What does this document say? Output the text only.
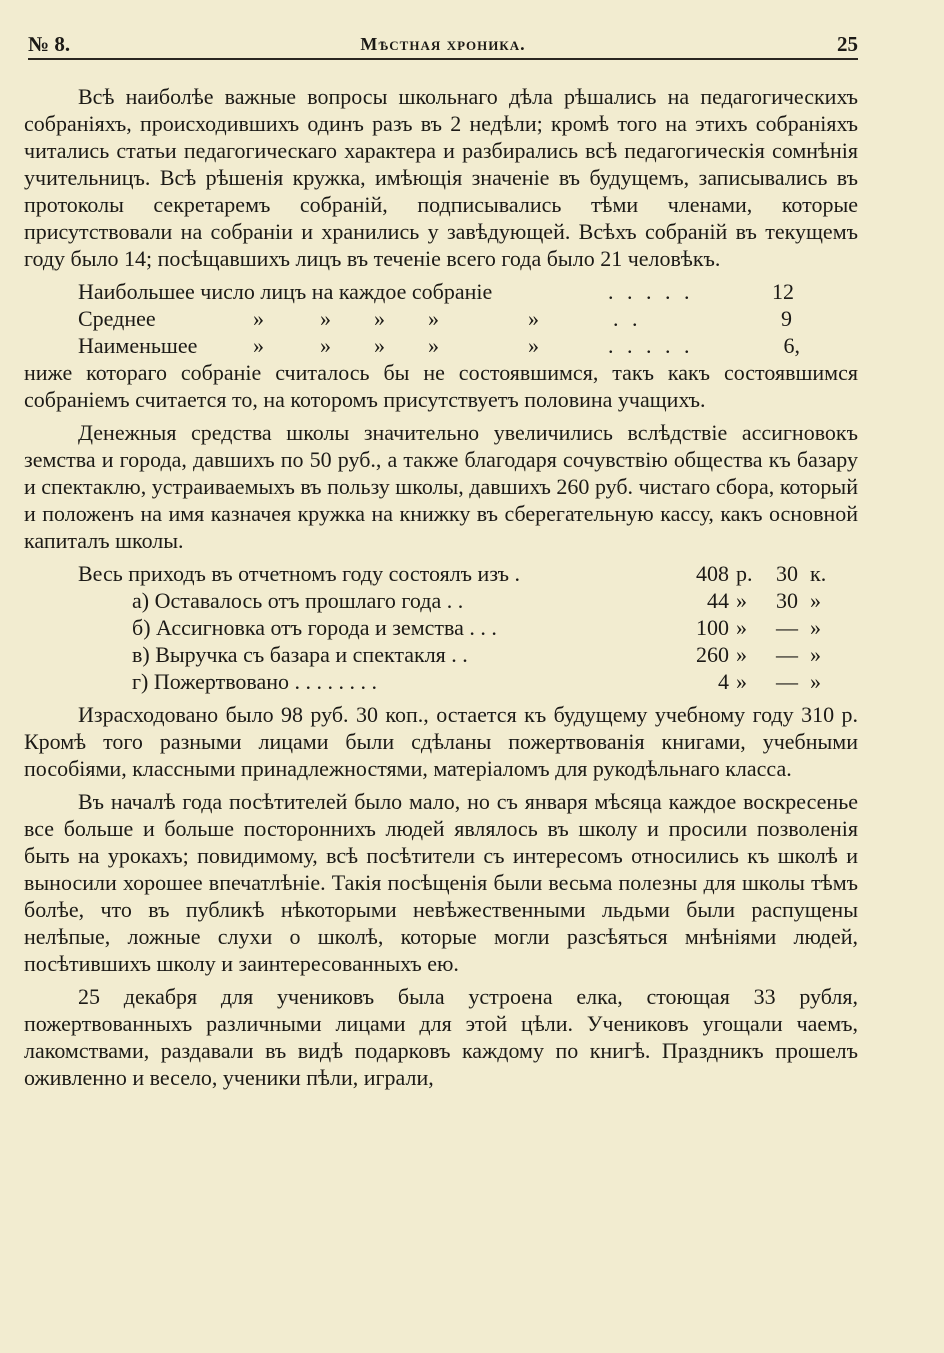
№ 8.	Мѣстная хроника.	25

Всѣ наиболѣе важные вопросы школьнаго дѣла рѣшались на педагогическихъ собраніяхъ, происходившихъ одинъ разъ въ 2 недѣли; кромѣ того на этихъ собраніяхъ читались статьи педагогическаго характера и разбирались всѣ педагогическія сомнѣнія учительницъ. Всѣ рѣшенія кружка, имѣющія значеніе въ будущемъ, записывались въ протоколы секретаремъ собраній, подписывались тѣми членами, которые присутствовали на собраніи и хранились у завѣдующей. Всѣхъ собраній въ текущемъ году было 14; посѣщавшихъ лицъ въ теченіе всего года было 21 человѣкъ.

Наибольшее число лицъ на каждое собраніе	. . . . .	12
Среднее	»	» » »	»	. .	9
Наименьшее	»	» » »	»	. . . . .	6,

ниже котораго собраніе считалось бы не состоявшимся, такъ какъ состоявшимся собраніемъ считается то, на которомъ присутствуетъ половина учащихъ.

Денежныя средства школы значительно увеличились вслѣдствіе ассигновокъ земства и города, давшихъ по 50 руб., а также благодаря сочувствію общества къ базару и спектаклю, устраиваемыхъ въ пользу школы, давшихъ 260 руб. чистаго сбора, который и положенъ на имя казначея кружка на книжку въ сберегательную кассу, какъ основной капиталъ школы.

Весь приходъ въ отчетномъ году состоялъ изъ .	408 р. 30 к.
а) Оставалось отъ прошлаго года . .	44 » 30 »
б) Ассигновка отъ города и земства . . .	100 » — »
в) Выручка съ базара и спектакля . .	260 » — »
г) Пожертвовано . . . . . . . .	4 » — »

Израсходовано было 98 руб. 30 коп., остается къ будущему учебному году 310 р. Кромѣ того разными лицами были сдѣланы пожертвованія книгами, учебными пособіями, классными принадлежностями, матеріаломъ для рукодѣльнаго класса.

Въ началѣ года посѣтителей было мало, но съ января мѣсяца каждое воскресенье все больше и больше постороннихъ людей являлось въ школу и просили позволенія быть на урокахъ; повидимому, всѣ посѣтители съ интересомъ относились къ школѣ и выносили хорошее впечатлѣніе. Такія посѣщенія были весьма полезны для школы тѣмъ болѣе, что въ публикѣ нѣкоторыми невѣжественными льдьми были распущены нелѣпые, ложные слухи о школѣ, которые могли разсѣяться мнѣніями людей, посѣтившихъ школу и заинтересованныхъ ею.

25 декабря для учениковъ была устроена елка, стоющая 33 рубля, пожертвованныхъ различными лицами для этой цѣли. Учениковъ угощали чаемъ, лакомствами, раздавали въ видѣ подарковъ каждому по книгѣ. Праздникъ прошелъ оживленно и весело, ученики пѣли, играли,
